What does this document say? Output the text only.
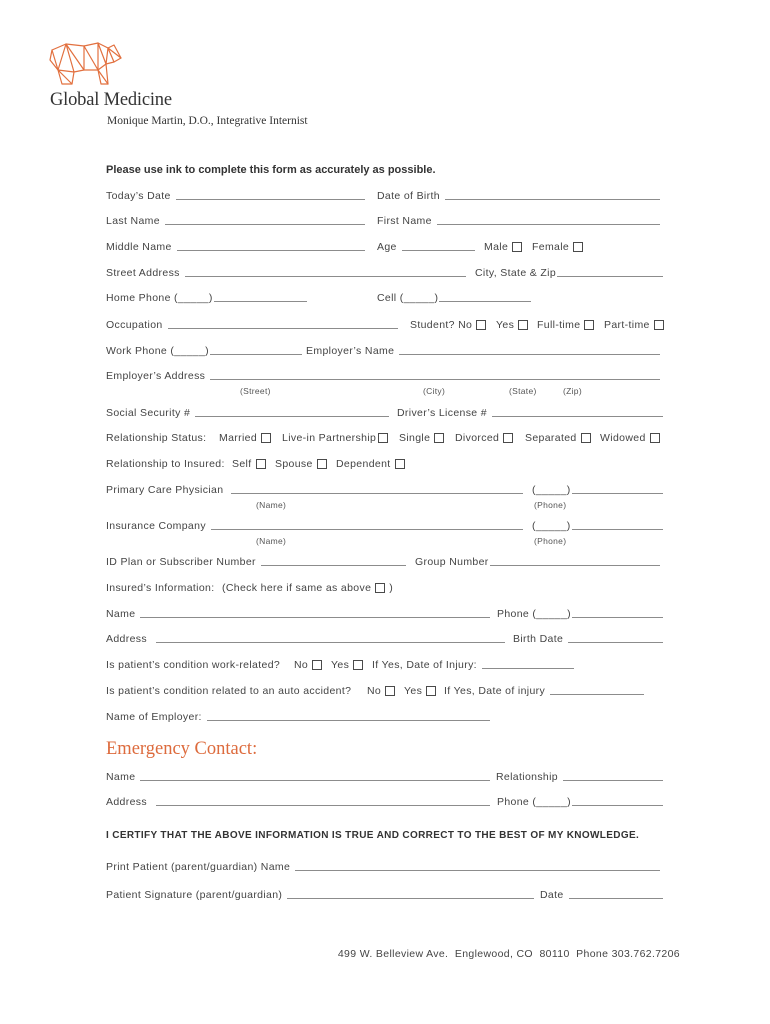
Global Medicine
Monique Martin, D.O., Integrative Internist
Please use ink to complete this form as accurately as possible.
Today’s Date	Date of Birth
Last Name	First Name
Middle Name	Age	Male Female
Street Address	City, State & Zip
Home Phone (_____)	Cell (_____)
Occupation	Student? No Yes Full-time Part-time
Work Phone (_____)	Employer’s Name
Employer’s Address
(Street)	(City)	(State)	(Zip)
Social Security #	Driver’s License #
Relationship Status: Married Live-in Partnership Single Divorced Separated Widowed
Relationship to Insured: Self Spouse Dependent
Primary Care Physician	(_____)
(Name)	(Phone)
Insurance Company	(_____)
(Name)	(Phone)
ID Plan or Subscriber Number	Group Number
Insured’s Information: (Check here if same as above )
Name	Phone (_____)
Address	Birth Date
Is patient’s condition work-related? No Yes If Yes, Date of Injury:
Is patient’s condition related to an auto accident? No Yes If Yes, Date of injury
Name of Employer:
Emergency Contact:
Name	Relationship
Address	Phone (_____)
I CERTIFY THAT THE ABOVE INFORMATION IS TRUE AND CORRECT TO THE BEST OF MY KNOWLEDGE.
Print Patient (parent/guardian) Name
Patient Signature (parent/guardian)	Date
499 W. Belleview Ave.  Englewood, CO  80110  Phone 303.762.7206
